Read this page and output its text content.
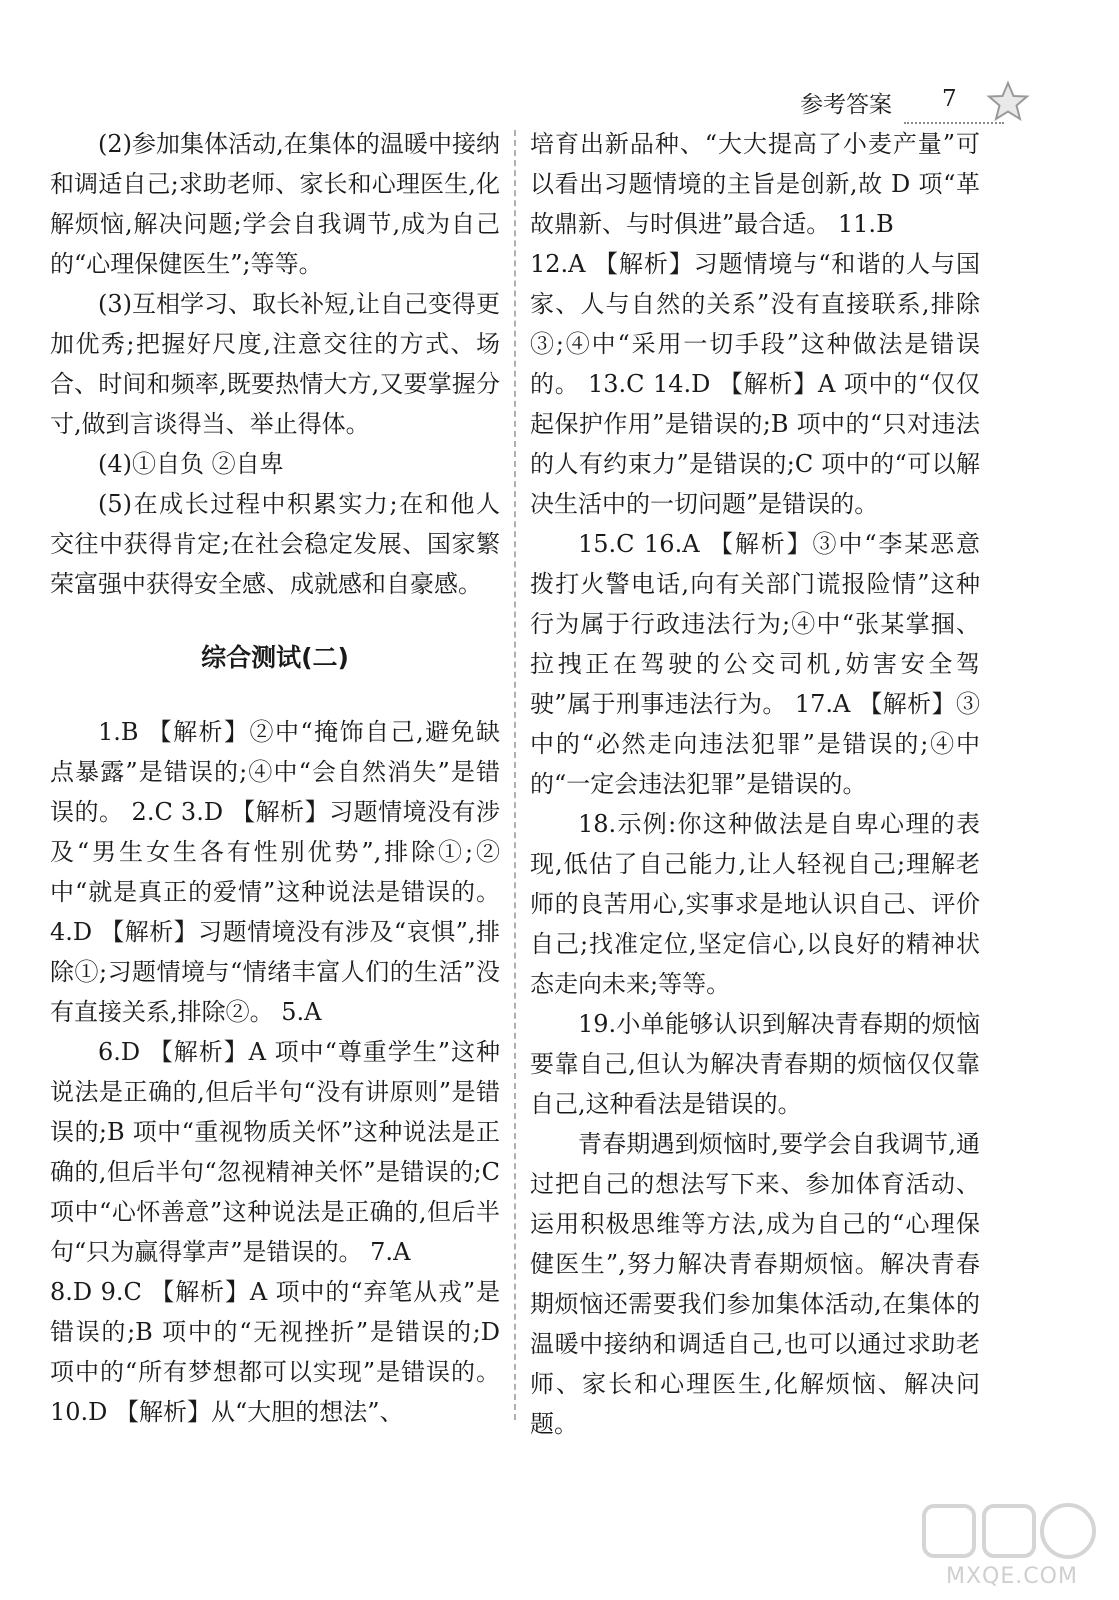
参考答案 7

(2)参加集体活动,在集体的温暖中接纳和调适自己;求助老师、家长和心理医生,化解烦恼,解决问题;学会自我调节,成为自己的“心理保健医生”;等等。

(3)互相学习、取长补短,让自己变得更加优秀;把握好尺度,注意交往的方式、场合、时间和频率,既要热情大方,又要掌握分寸,做到言谈得当、举止得体。

(4)①自负 ②自卑

(5)在成长过程中积累实力;在和他人交往中获得肯定;在社会稳定发展、国家繁荣富强中获得安全感、成就感和自豪感。

综合测试(二)

1.B 【解析】②中“掩饰自己,避免缺点暴露”是错误的;④中“会自然消失”是错误的。 2.C 3.D 【解析】习题情境没有涉及“男生女生各有性别优势”,排除①;②中“就是真正的爱情”这种说法是错误的。 4.D 【解析】习题情境没有涉及“哀惧”,排除①;习题情境与“情绪丰富人们的生活”没有直接关系,排除②。 5.A

6.D 【解析】A 项中“尊重学生”这种说法是正确的,但后半句“没有讲原则”是错误的;B 项中“重视物质关怀”这种说法是正确的,但后半句“忽视精神关怀”是错误的;C 项中“心怀善意”这种说法是正确的,但后半句“只为赢得掌声”是错误的。 7.A

8.D 9.C 【解析】A 项中的“弃笔从戎”是错误的;B 项中的“无视挫折”是错误的;D 项中的“所有梦想都可以实现”是错误的。 10.D 【解析】从“大胆的想法”、

培育出新品种、“大大提高了小麦产量”可以看出习题情境的主旨是创新,故 D 项“革故鼎新、与时俱进”最合适。 11.B

12.A 【解析】习题情境与“和谐的人与国家、人与自然的关系”没有直接联系,排除③;④中“采用一切手段”这种做法是错误的。 13.C 14.D 【解析】A 项中的“仅仅起保护作用”是错误的;B 项中的“只对违法的人有约束力”是错误的;C 项中的“可以解决生活中的一切问题”是错误的。

15.C 16.A 【解析】③中“李某恶意拨打火警电话,向有关部门谎报险情”这种行为属于行政违法行为;④中“张某掌掴、拉拽正在驾驶的公交司机,妨害安全驾驶”属于刑事违法行为。 17.A 【解析】③中的“必然走向违法犯罪”是错误的;④中的“一定会违法犯罪”是错误的。

18.示例:你这种做法是自卑心理的表现,低估了自己能力,让人轻视自己;理解老师的良苦用心,实事求是地认识自己、评价自己;找准定位,坚定信心,以良好的精神状态走向未来;等等。

19.小单能够认识到解决青春期的烦恼要靠自己,但认为解决青春期的烦恼仅仅靠自己,这种看法是错误的。

青春期遇到烦恼时,要学会自我调节,通过把自己的想法写下来、参加体育活动、运用积极思维等方法,成为自己的“心理保健医生”,努力解决青春期烦恼。解决青春期烦恼还需要我们参加集体活动,在集体的温暖中接纳和调适自己,也可以通过求助老师、家长和心理医生,化解烦恼、解决问题。

MXQE.COM
